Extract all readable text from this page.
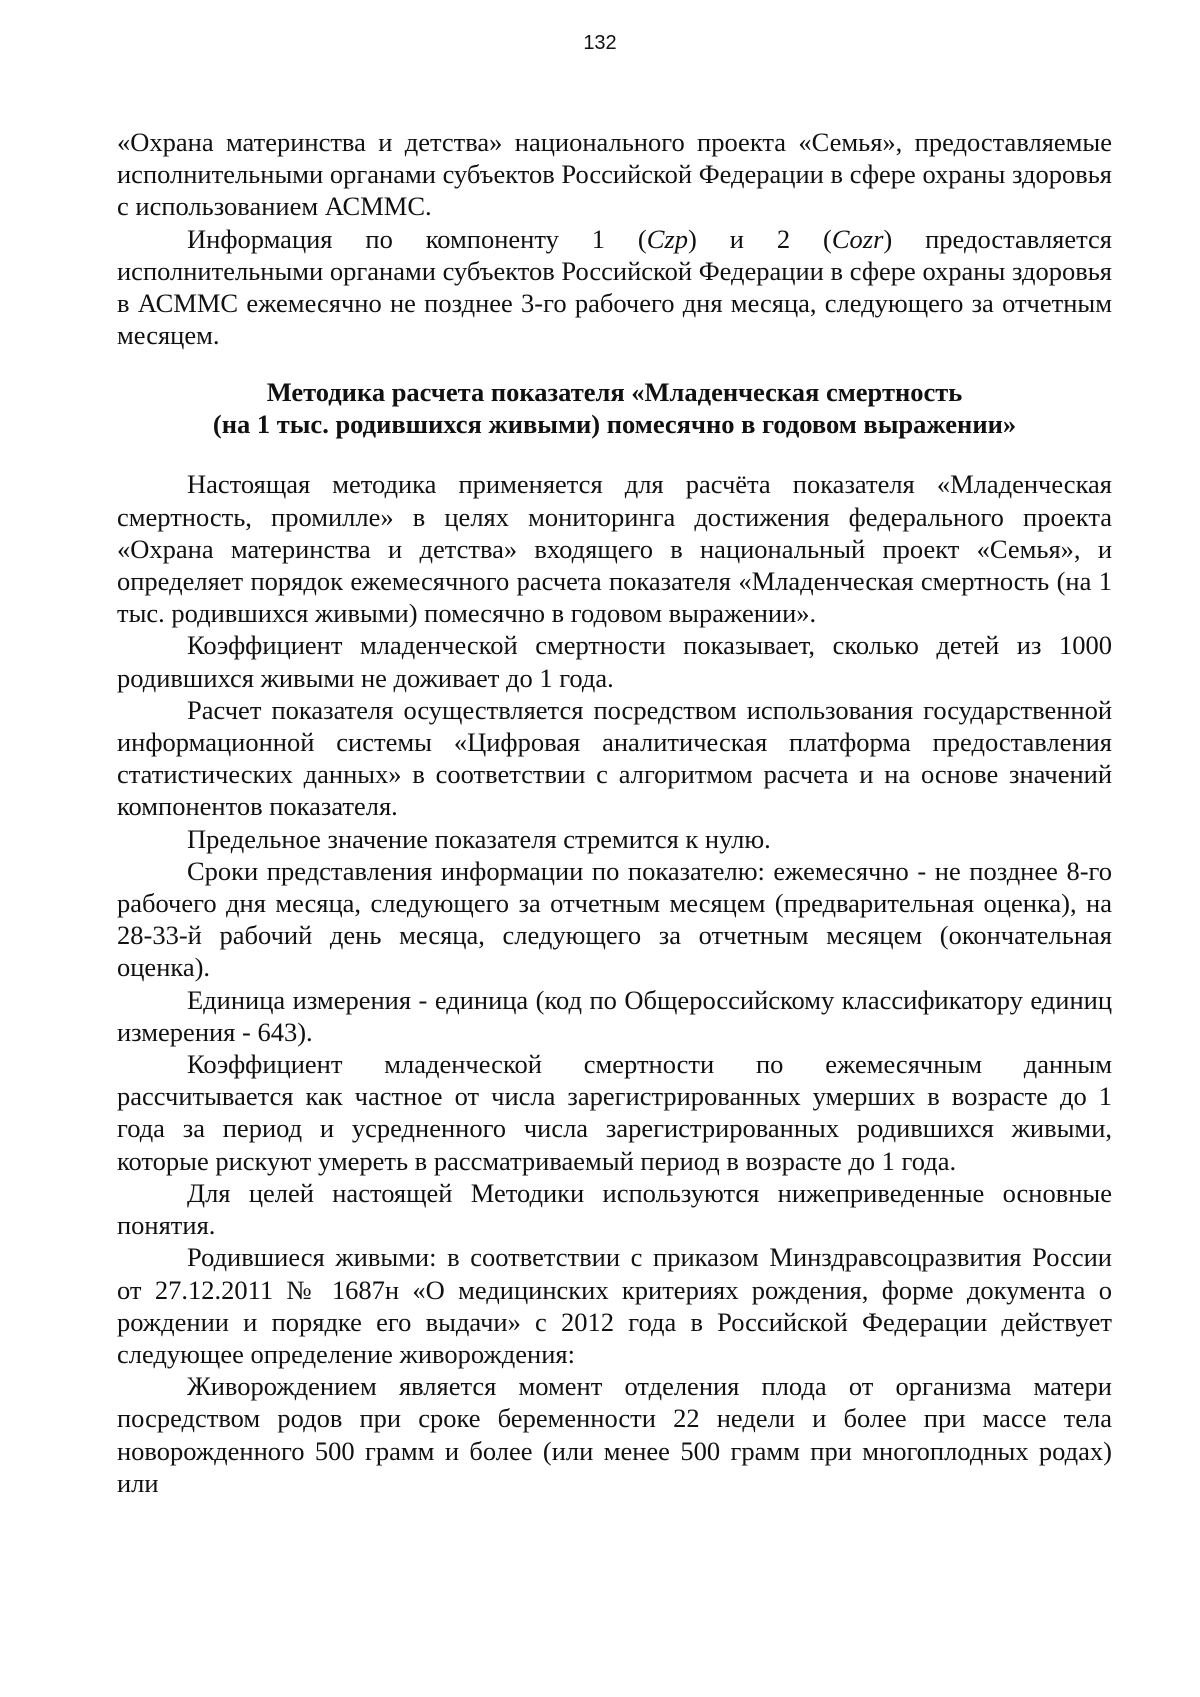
132

«Охрана материнства и детства» национального проекта «Семья», предоставляемые исполнительными органами субъектов Российской Федерации в сфере охраны здоровья с использованием АСММС.

Информация по компоненту 1 (Czp) и 2 (Cozr) предоставляется исполнительными органами субъектов Российской Федерации в сфере охраны здоровья в АСММС ежемесячно не позднее 3-го рабочего дня месяца, следующего за отчетным месяцем.

Методика расчета показателя «Младенческая смертность
(на 1 тыс. родившихся живыми) помесячно в годовом выражении»

Настоящая методика применяется для расчёта показателя «Младенческая смертность, промилле» в целях мониторинга достижения федерального проекта «Охрана материнства и детства» входящего в национальный проект «Семья», и определяет порядок ежемесячного расчета показателя «Младенческая смертность (на 1 тыс. родившихся живыми) помесячно в годовом выражении».

Коэффициент младенческой смертности показывает, сколько детей из 1000 родившихся живыми не доживает до 1 года.

Расчет показателя осуществляется посредством использования государственной информационной системы «Цифровая аналитическая платформа предоставления статистических данных» в соответствии с алгоритмом расчета и на основе значений компонентов показателя.

Предельное значение показателя стремится к нулю.

Сроки представления информации по показателю: ежемесячно - не позднее 8-го рабочего дня месяца, следующего за отчетным месяцем (предварительная оценка), на 28-33-й рабочий день месяца, следующего за отчетным месяцем (окончательная оценка).

Единица измерения - единица (код по Общероссийскому классификатору единиц измерения - 643).

Коэффициент младенческой смертности по ежемесячным данным рассчитывается как частное от числа зарегистрированных умерших в возрасте до 1 года за период и усредненного числа зарегистрированных родившихся живыми, которые рискуют умереть в рассматриваемый период в возрасте до 1 года.

Для целей настоящей Методики используются нижеприведенные основные понятия.

Родившиеся живыми: в соответствии с приказом Минздравсоцразвития России от 27.12.2011 № 1687н «О медицинских критериях рождения, форме документа о рождении и порядке его выдачи» с 2012 года в Российской Федерации действует следующее определение живорождения:

Живорождением является момент отделения плода от организма матери посредством родов при сроке беременности 22 недели и более при массе тела новорожденного 500 грамм и более (или менее 500 грамм при многоплодных родах) или
